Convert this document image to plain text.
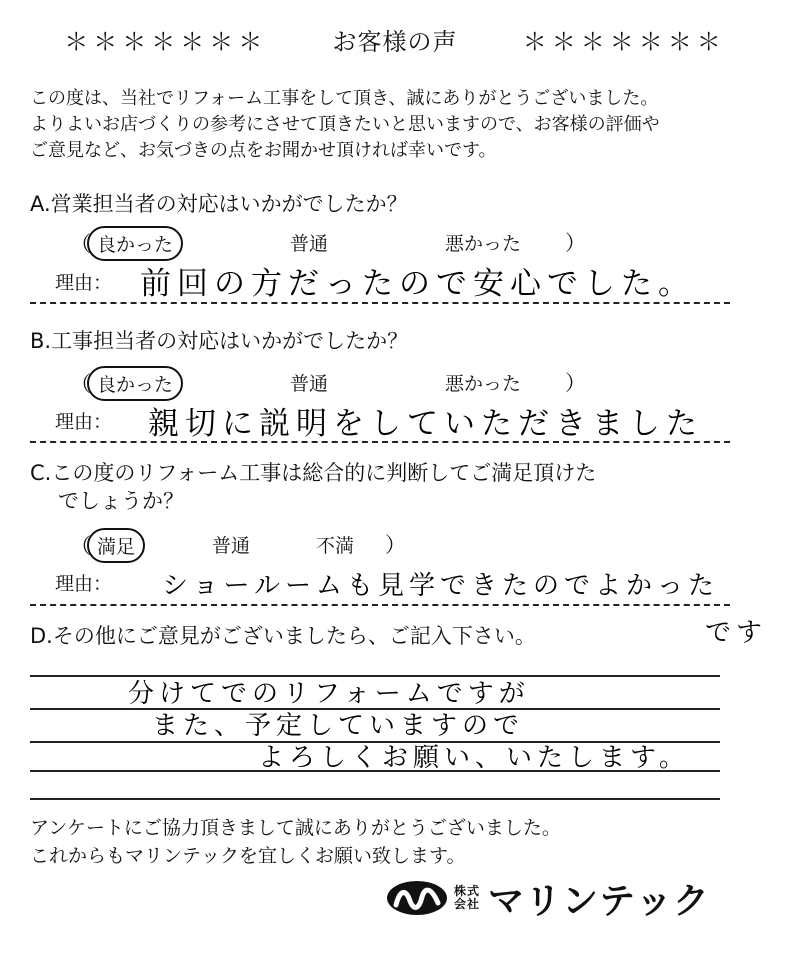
＊＊＊＊＊＊＊	お客様の声	＊＊＊＊＊＊＊
この度は、当社でリフォーム工事をして頂き、誠にありがとうございました。
よりよいお店づくりの参考にさせて頂きたいと思いますので、お客様の評価や
ご意見など、お気づきの点をお聞かせ頂ければ幸いです。
A.営業担当者の対応はいかがでしたか？
（ 良かった	普通	悪かった ）
理由： 前回の方だったので安心でした。
B.工事担当者の対応はいかがでしたか？
（ 良かった	普通	悪かった ）
理由： 親切に説明をしていただきました
C.この度のリフォーム工事は総合的に判断してご満足頂けた
でしょうか？
（ 満足	普通	不満 ）
理由： ショールームも見学できたのでよかった
です
D.その他にご意見がございましたら、ご記入下さい。
分けてでのリフォームですが
また、予定していますので
よろしくお願い、いたします。
アンケートにご協力頂きまして誠にありがとうございました。
これからもマリンテックを宜しくお願い致します。
株式
会社 マリンテック
